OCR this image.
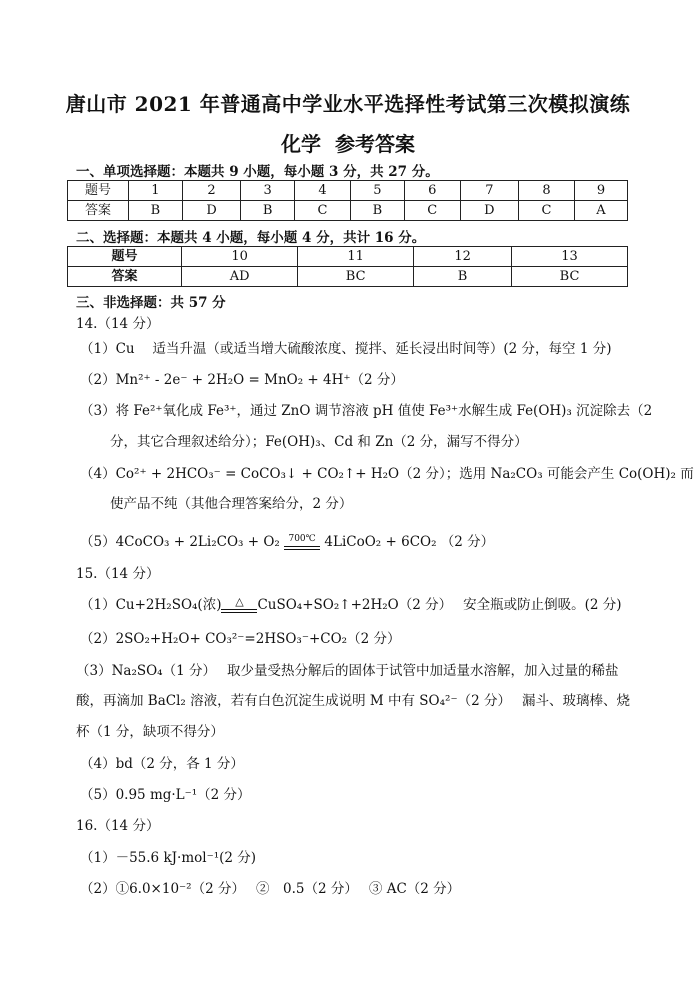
唐山市 2021 年普通高中学业水平选择性考试第三次模拟演练
化学 参考答案
一、单项选择题：本题共 9 小题，每小题 3 分，共 27 分。
题号	1	2	3	4	5	6	7	8	9
答案	B	D	B	C	B	C	D	C	A
二、选择题：本题共 4 小题，每小题 4 分，共计 16 分。
题号	10	11	12	13
答案	AD	BC	B	BC
三、非选择题：共 57 分
14.（14 分）
（1）Cu　 适当升温（或适当增大硫酸浓度、搅拌、延长浸出时间等）(2 分，每空 1 分)
（2）Mn²⁺ - 2e⁻ + 2H₂O = MnO₂ + 4H⁺（2 分）
（3）将 Fe²⁺氧化成 Fe³⁺，通过 ZnO 调节溶液 pH 值使 Fe³⁺水解生成 Fe(OH)₃ 沉淀除去（2
分，其它合理叙述给分）；Fe(OH)₃、Cd 和 Zn（2 分，漏写不得分）
（4）Co²⁺ + 2HCO₃⁻ = CoCO₃↓ + CO₂↑+ H₂O（2 分）；选用 Na₂CO₃ 可能会产生 Co(OH)₂ 而
使产品不纯（其他合理答案给分，2 分）
（5）4CoCO₃ + 2Li₂CO₃ + O₂ 700℃ 4LiCoO₂ + 6CO₂ （2 分）
15.（14 分）
（1）Cu+2H₂SO₄(浓)	△	CuSO₄+SO₂↑+2H₂O（2 分）　 安全瓶或防止倒吸。(2 分)
（2）2SO₂+H₂O+ CO₃²⁻=2HSO₃⁻+CO₂（2 分）
（3）Na₂SO₄（1 分）　 取少量受热分解后的固体于试管中加适量水溶解，加入过量的稀盐
酸，再滴加 BaCl₂ 溶液，若有白色沉淀生成说明 M 中有 SO₄²⁻（2 分）　 漏斗、玻璃棒、烧
杯（1 分，缺项不得分）
（4）bd（2 分，各 1 分）
（5）0.95 mg·L⁻¹（2 分）
16.（14 分）
（1）－55.6 kJ·mol⁻¹(2 分)
（2）①6.0×10⁻²（2 分）　 ②　0.5（2 分）　 ③ AC（2 分）
